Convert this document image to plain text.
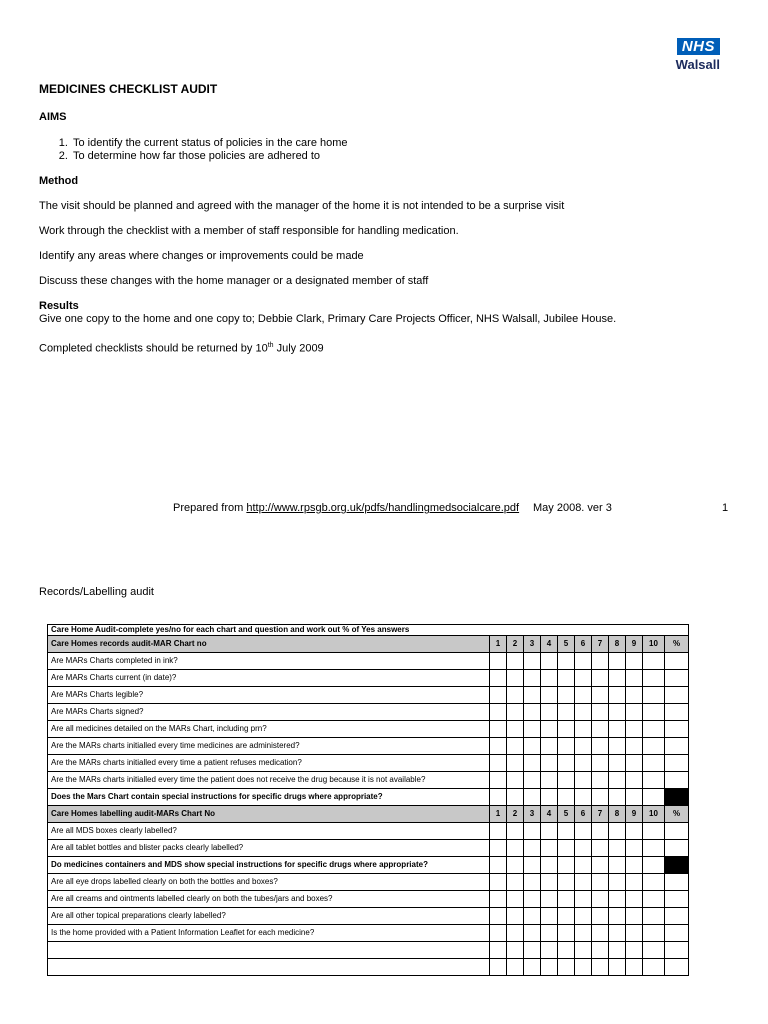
NHS
Walsall
MEDICINES CHECKLIST AUDIT
AIMS
1. To identify the current status of policies in the care home
2. To determine how far those policies are adhered to
Method
The visit should be planned and agreed with the manager of the home it is not intended to be a surprise visit
Work through the checklist with a member of staff responsible for handling medication.
Identify any areas where changes or improvements could be made
Discuss these changes with the home manager or a designated member of staff
Results
Give one copy to the home and one copy to; Debbie Clark, Primary Care Projects Officer, NHS Walsall, Jubilee House.
Completed checklists should be returned by 10th July 2009
Prepared from http://www.rpsgb.org.uk/pdfs/handlingmedsocialcare.pdf May 2008. ver 3	1
Records/Labelling audit
Care Home Audit-complete yes/no for each chart and question and work out % of Yes answers											
Care Homes records audit-MAR Chart no	1	2	3	4	5	6	7	8	9	10	%
Are MARs Charts completed in ink?											
Are MARs Charts current (in date)?											
Are MARs Charts legible?											
Are MARs Charts signed?											
Are all medicines detailed on the MARs Chart, including prn?											
Are the MARs charts initialled every time medicines are administered?											
Are the MARs charts initialled every time a patient refuses medication?											
Are the MARs charts initialled every time the patient does not receive the drug because it is not available?											
Does the Mars Chart contain special instructions for specific drugs where appropriate?											
Care Homes labelling audit-MARs Chart No	1	2	3	4	5	6	7	8	9	10	%
Are all MDS boxes clearly labelled?											
Are all tablet bottles and blister packs clearly labelled?											
Do medicines containers and MDS show special instructions for specific drugs where appropriate?											
Are all eye drops labelled clearly on both the bottles and boxes?											
Are all creams and ointments labelled clearly on both the tubes/jars and boxes?											
Are all other topical preparations clearly labelled?											
Is the home provided with a Patient Information Leaflet for each medicine?											
